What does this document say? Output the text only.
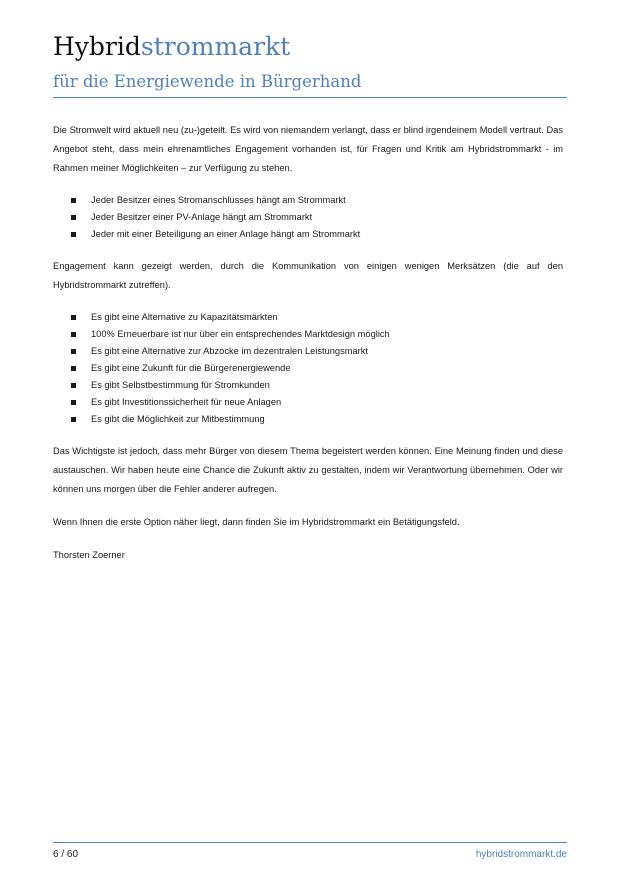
Hybridstrommarkt
für die Energiewende in Bürgerhand

Die Stromwelt wird aktuell neu (zu-)geteilt. Es wird von niemandem verlangt, dass er blind irgendeinem Modell vertraut. Das Angebot steht, dass mein ehrenamtliches Engagement vorhanden ist, für Fragen und Kritik am Hybridstrommarkt - im Rahmen meiner Möglichkeiten – zur Verfügung zu stehen.

Jeder Besitzer eines Stromanschlusses hängt am Strommarkt
Jeder Besitzer einer PV-Anlage hängt am Strommarkt
Jeder mit einer Beteiligung an einer Anlage hängt am Strommarkt

Engagement kann gezeigt werden, durch die Kommunikation von einigen wenigen Merksätzen (die auf den Hybridstrommarkt zutreffen).

Es gibt eine Alternative zu Kapazitätsmärkten
100% Erneuerbare ist nur über ein entsprechendes Marktdesign möglich
Es gibt eine Alternative zur Abzocke im dezentralen Leistungsmarkt
Es gibt eine Zukunft für die Bürgerenergiewende
Es gibt Selbstbestimmung für Stromkunden
Es gibt Investitionssicherheit für neue Anlagen
Es gibt die Möglichkeit zur Mitbestimmung

Das Wichtigste ist jedoch, dass mehr Bürger von diesem Thema begeistert werden können. Eine Meinung finden und diese austauschen. Wir haben heute eine Chance die Zukunft aktiv zu gestalten, indem wir Verantwortung übernehmen. Oder wir können uns morgen über die Fehler anderer aufregen.

Wenn Ihnen die erste Option näher liegt, dann finden Sie im Hybridstrommarkt ein Betätigungsfeld.

Thorsten Zoerner

6 / 60	hybridstrommarkt.de
